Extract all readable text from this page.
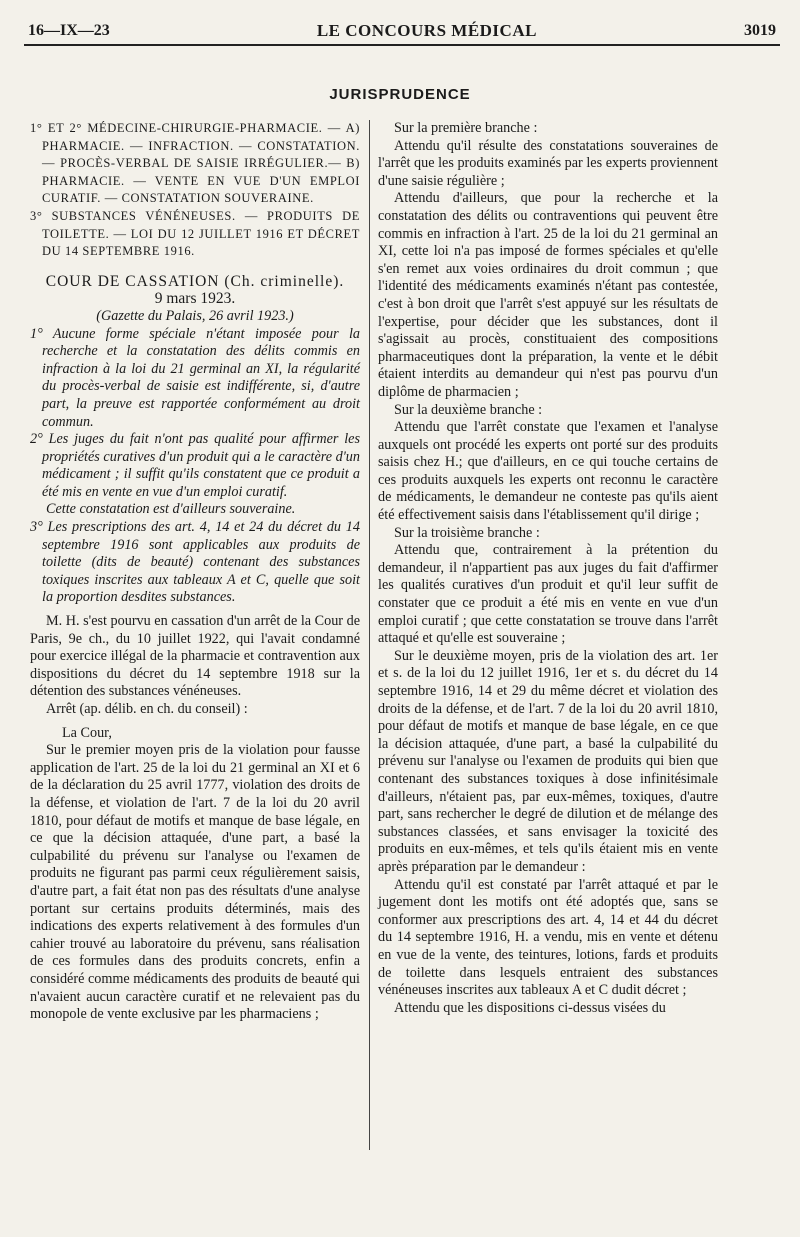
16—IX—23	LE CONCOURS MÉDICAL	3019
JURISPRUDENCE

1° ET 2° MÉDECINE-CHIRURGIE-PHARMACIE. — A) PHARMACIE. — INFRACTION. — CONSTATATION. — PROCÈS-VERBAL DE SAISIE IRRÉGULIER.— B) PHARMACIE. — VENTE EN VUE D'UN EMPLOI CURATIF. — CONSTATATION SOUVERAINE.

3° SUBSTANCES VÉNÉNEUSES. — PRODUITS DE TOILETTE. — LOI DU 12 JUILLET 1916 ET DÉCRET DU 14 SEPTEMBRE 1916.

COUR DE CASSATION (Ch. criminelle).

9 mars 1923.

(Gazette du Palais, 26 avril 1923.)

1° Aucune forme spéciale n'étant imposée pour la recherche et la constatation des délits commis en infraction à la loi du 21 germinal an XI, la régularité du procès-verbal de saisie est indifférente, si, d'autre part, la preuve est rapportée conformément au droit commun.

2° Les juges du fait n'ont pas qualité pour affirmer les propriétés curatives d'un produit qui a le caractère d'un médicament ; il suffit qu'ils constatent que ce produit a été mis en vente en vue d'un emploi curatif.

Cette constatation est d'ailleurs souveraine.

3° Les prescriptions des art. 4, 14 et 24 du décret du 14 septembre 1916 sont applicables aux produits de toilette (dits de beauté) contenant des substances toxiques inscrites aux tableaux A et C, quelle que soit la proportion desdites substances.

M. H. s'est pourvu en cassation d'un arrêt de la Cour de Paris, 9e ch., du 10 juillet 1922, qui l'avait condamné pour exercice illégal de la pharmacie et contravention aux dispositions du décret du 14 septembre 1918 sur la détention des substances vénéneuses.

Arrêt (ap. délib. en ch. du conseil) :

La Cour,

Sur le premier moyen pris de la violation pour fausse application de l'art. 25 de la loi du 21 germinal an XI et 6 de la déclaration du 25 avril 1777, violation des droits de la défense, et violation de l'art. 7 de la loi du 20 avril 1810, pour défaut de motifs et manque de base légale, en ce que la décision attaquée, d'une part, a basé la culpabilité du prévenu sur l'analyse ou l'examen de produits ne figurant pas parmi ceux régulièrement saisis, d'autre part, a fait état non pas des résultats d'une analyse portant sur certains produits déterminés, mais des indications des experts relativement à des formules d'un cahier trouvé au laboratoire du prévenu, sans réalisation de ces formules dans des produits concrets, enfin a considéré comme médicaments des produits de beauté qui n'avaient aucun caractère curatif et ne relevaient pas du monopole de vente exclusive par les pharmaciens ;

Sur la première branche :

Attendu qu'il résulte des constatations souveraines de l'arrêt que les produits examinés par les experts proviennent d'une saisie régulière ;

Attendu d'ailleurs, que pour la recherche et la constatation des délits ou contraventions qui peuvent être commis en infraction à l'art. 25 de la loi du 21 germinal an XI, cette loi n'a pas imposé de formes spéciales et qu'elle s'en remet aux voies ordinaires du droit commun ; que l'identité des médicaments examinés n'étant pas contestée, c'est à bon droit que l'arrêt s'est appuyé sur les résultats de l'expertise, pour décider que les substances, dont il s'agissait au procès, constituaient des compositions pharmaceutiques dont la préparation, la vente et le débit étaient interdits au demandeur qui n'est pas pourvu d'un diplôme de pharmacien ;

Sur la deuxième branche :

Attendu que l'arrêt constate que l'examen et l'analyse auxquels ont procédé les experts ont porté sur des produits saisis chez H.; que d'ailleurs, en ce qui touche certains de ces produits auxquels les experts ont reconnu le caractère de médicaments, le demandeur ne conteste pas qu'ils aient été effectivement saisis dans l'établissement qu'il dirige ;

Sur la troisième branche :

Attendu que, contrairement à la prétention du demandeur, il n'appartient pas aux juges du fait d'affirmer les qualités curatives d'un produit et qu'il leur suffit de constater que ce produit a été mis en vente en vue d'un emploi curatif ; que cette constatation se trouve dans l'arrêt attaqué et qu'elle est souveraine ;

Sur le deuxième moyen, pris de la violation des art. 1er et s. de la loi du 12 juillet 1916, 1er et s. du décret du 14 septembre 1916, 14 et 29 du même décret et violation des droits de la défense, et de l'art. 7 de la loi du 20 avril 1810, pour défaut de motifs et manque de base légale, en ce que la décision attaquée, d'une part, a basé la culpabilité du prévenu sur l'analyse ou l'examen de produits qui bien que contenant des substances toxiques à dose infinitésimale d'ailleurs, n'étaient pas, par eux-mêmes, toxiques, d'autre part, sans rechercher le degré de dilution et de mélange des substances classées, et sans envisager la toxicité des produits en eux-mêmes, et tels qu'ils étaient mis en vente après préparation par le demandeur :

Attendu qu'il est constaté par l'arrêt attaqué et par le jugement dont les motifs ont été adoptés que, sans se conformer aux prescriptions des art. 4, 14 et 44 du décret du 14 septembre 1916, H. a vendu, mis en vente et détenu en vue de la vente, des teintures, lotions, fards et produits de toilette dans lesquels entraient des substances vénéneuses inscrites aux tableaux A et C dudit décret ;

Attendu que les dispositions ci-dessus visées du
